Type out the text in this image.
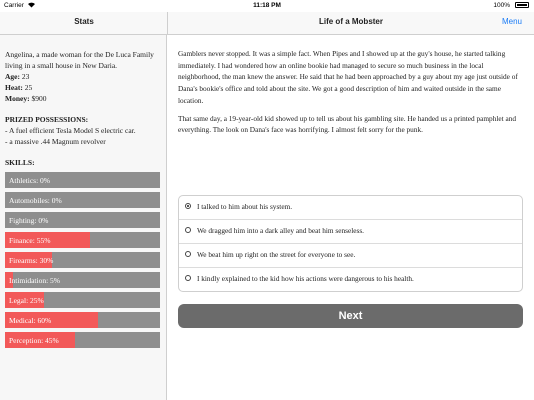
Carrier	11:18 PM	100%
Stats	Life of a Mobster	Menu

Angelina, a made woman for the De Luca Family living in a small house in New Daria.

Age: 23

Heat: 25

Money: $900

PRIZED POSSESSIONS:

- A fuel efficient Tesla Model S electric car.

- a massive .44 Magnum revolver

SKILLS:

Athletics: 0%
Automobiles: 0%
Fighting: 0%
Finance: 55%
Firearms: 30%
Intimidation: 5%
Legal: 25%
Medical: 60%
Perception: 45%

Gamblers never stopped. It was a simple fact. When Pipes and I showed up at the guy's house, he started talking immediately. I had wondered how an online bookie had managed to secure so much business in the local neighborhood, the man knew the answer. He said that he had been approached by a guy about my age just outside of Dana's bookie's office and told about the site. We got a good description of him and waited outside in the same location.

That same day, a 19-year-old kid showed up to tell us about his gambling site. He handed us a printed pamphlet and everything. The look on Dana's face was horrifying. I almost felt sorry for the punk.

I talked to him about his system.
We dragged him into a dark alley and beat him senseless.
We beat him up right on the street for everyone to see.
I kindly explained to the kid how his actions were dangerous to his health.
Next
